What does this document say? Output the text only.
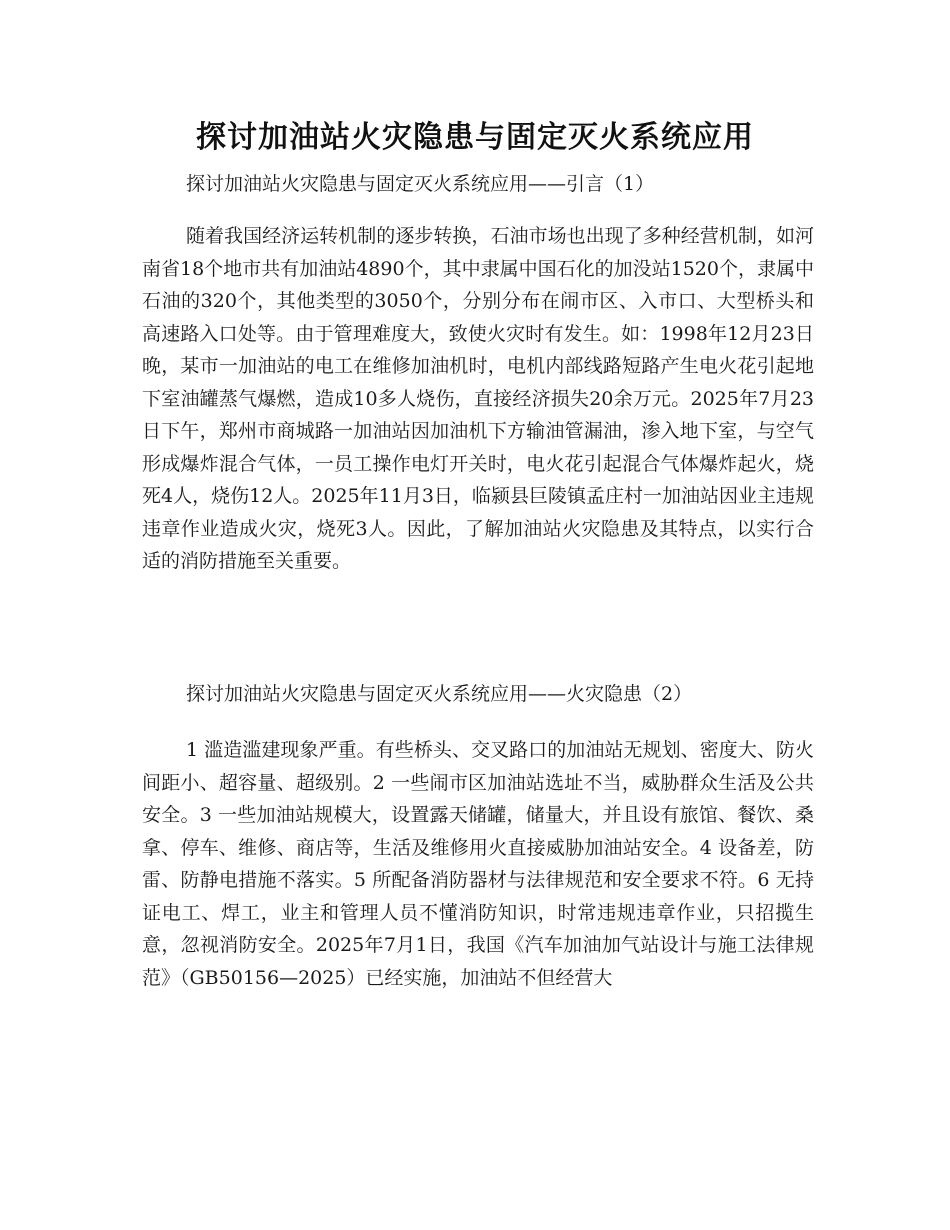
探讨加油站火灾隐患与固定灭火系统应用

探讨加油站火灾隐患与固定灭火系统应用——引言（1）

随着我国经济运转机制的逐步转换，石油市场也出现了多种经营机制，如河南省18个地市共有加油站4890个，其中隶属中国石化的加没站1520个，隶属中石油的320个，其他类型的3050个，分别分布在闹市区、入市口、大型桥头和高速路入口处等。由于管理难度大，致使火灾时有发生。如：1998年12月23日晚，某市一加油站的电工在维修加油机时，电机内部线路短路产生电火花引起地下室油罐蒸气爆燃，造成10多人烧伤，直接经济损失20余万元。2025年7月23日下午，郑州市商城路一加油站因加油机下方输油管漏油，渗入地下室，与空气形成爆炸混合气体，一员工操作电灯开关时，电火花引起混合气体爆炸起火，烧死4人，烧伤12人。2025年11月3日，临颍县巨陵镇孟庄村一加油站因业主违规违章作业造成火灾，烧死3人。因此，了解加油站火灾隐患及其特点，以实行合适的消防措施至关重要。

探讨加油站火灾隐患与固定灭火系统应用——火灾隐患（2）

1 滥造滥建现象严重。有些桥头、交叉路口的加油站无规划、密度大、防火间距小、超容量、超级别。2 一些闹市区加油站选址不当，威胁群众生活及公共安全。3 一些加油站规模大，设置露天储罐，储量大，并且设有旅馆、餐饮、桑拿、停车、维修、商店等，生活及维修用火直接威胁加油站安全。4 设备差，防雷、防静电措施不落实。5 所配备消防器材与法律规范和安全要求不符。6 无持证电工、焊工，业主和管理人员不懂消防知识，时常违规违章作业，只招揽生意，忽视消防安全。2025年7月1日，我国《汽车加油加气站设计与施工法律规范》（GB50156—2025）已经实施，加油站不但经营大
